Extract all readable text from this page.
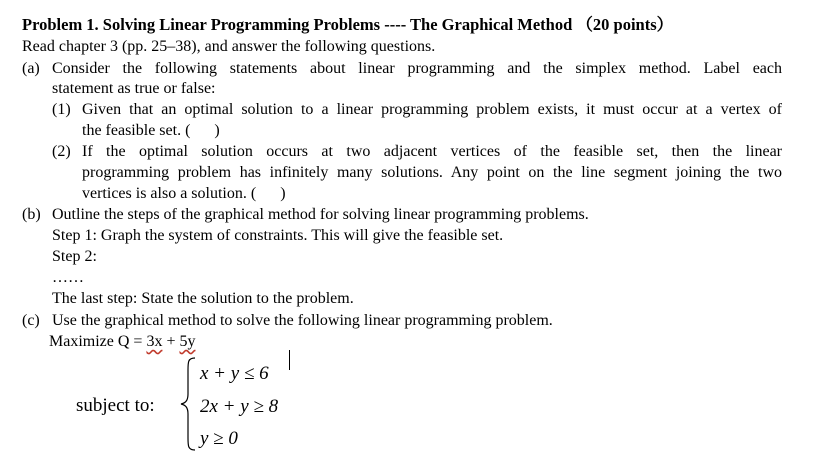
Problem 1. Solving Linear Programming Problems ---- The Graphical Method （20 points）
Read chapter 3 (pp. 25–38), and answer the following questions.
(a) Consider the following statements about linear programming and the simplex method. Label each
statement as true or false:
(1) Given that an optimal solution to a linear programming problem exists, it must occur at a vertex of
the feasible set. (      )
(2) If the optimal solution occurs at two adjacent vertices of the feasible set, then the linear
programming problem has infinitely many solutions. Any point on the line segment joining the two
vertices is also a solution. (      )
(b) Outline the steps of the graphical method for solving linear programming problems.
Step 1: Graph the system of constraints. This will give the feasible set.
Step 2:
……
The last step: State the solution to the problem.
(c) Use the graphical method to solve the following linear programming problem.
Maximize Q = 3x + 5y
subject to:
x + y ≤ 6
2x + y ≥ 8
y ≥ 0
